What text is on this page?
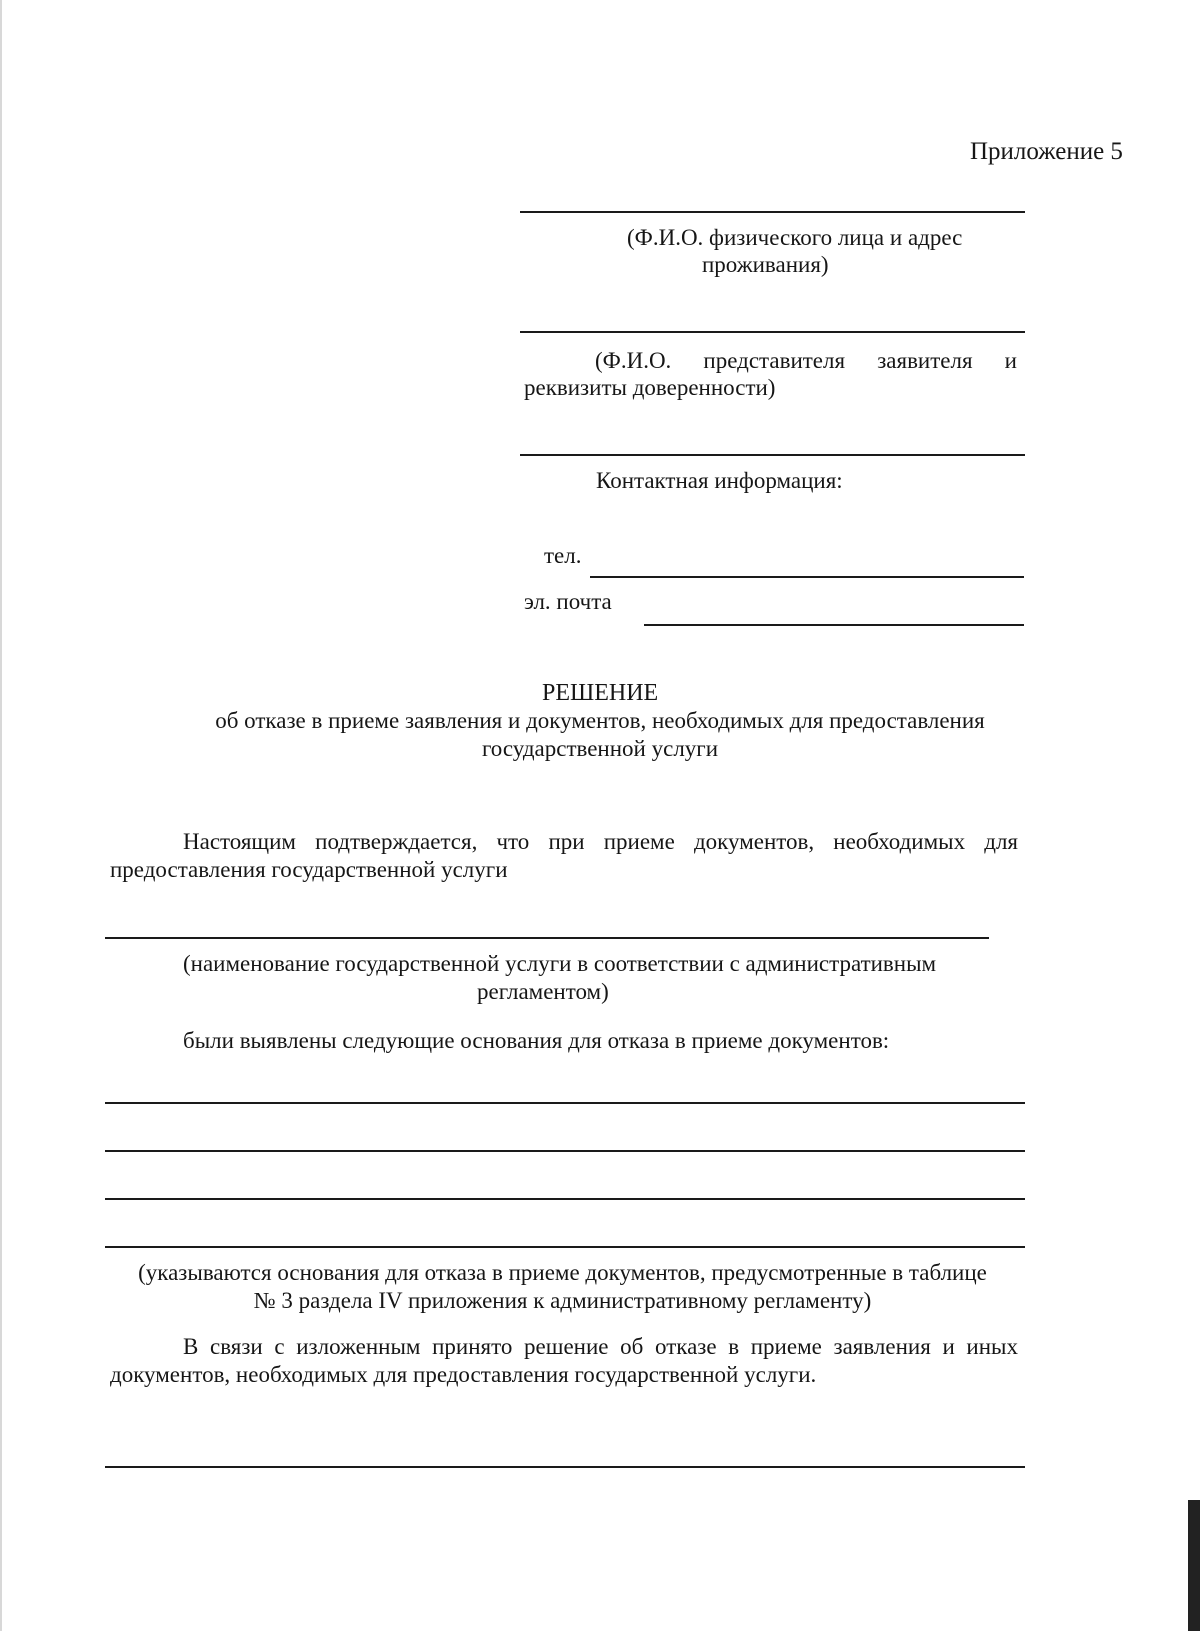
Приложение 5
(Ф.И.О. физического лица и адрес
проживания)
(Ф.И.О. представителя заявителя и
реквизиты доверенности)
Контактная информация:
тел.
эл. почта
РЕШЕНИЕ
об отказе в приеме заявления и документов, необходимых для предоставления
государственной услуги
Настоящим подтверждается, что при приеме документов, необходимых для
предоставления государственной услуги
(наименование государственной услуги в соответствии с административным
регламентом)
были выявлены следующие основания для отказа в приеме документов:
(указываются основания для отказа в приеме документов, предусмотренные в таблице
№ 3 раздела IV приложения к административному регламенту)
В связи с изложенным принято решение об отказе в приеме заявления и иных
документов, необходимых для предоставления государственной услуги.
